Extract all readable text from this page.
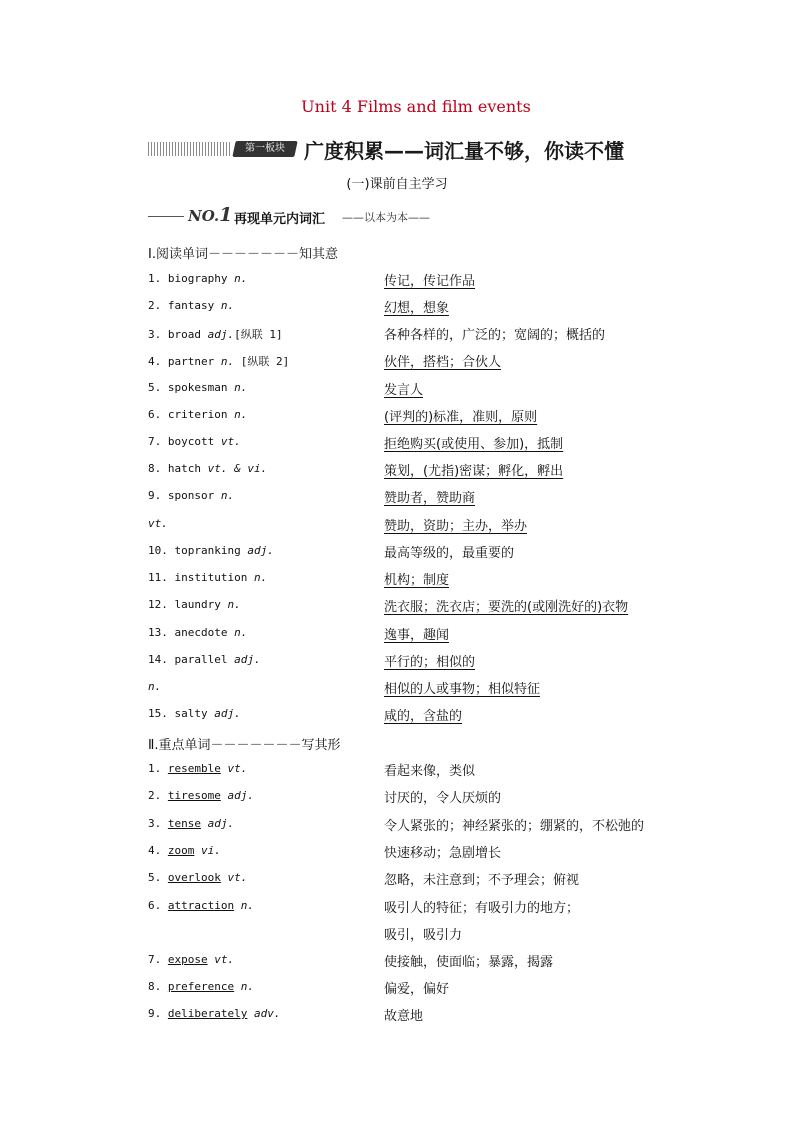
Unit 4 Films and film events
第一板块 广度积累——词汇量不够，你读不懂
(一)课前自主学习
NO.1 再现单元内词汇 ——以本为本——
Ⅰ.阅读单词－－－－－－－知其意
1. biography n.	传记，传记作品
2. fantasy n.	幻想，想象
3. broad adj.[纵联 1]	各种各样的，广泛的；宽阔的；概括的
4. partner n. [纵联 2]	伙伴，搭档；合伙人
5. spokesman n.	发言人
6. criterion n.	(评判的)标准，准则，原则
7. boycott vt.	拒绝购买(或使用、参加)，抵制
8. hatch vt. & vi.	策划，(尤指)密谋；孵化，孵出
9. sponsor n.	赞助者，赞助商
vt.	赞助，资助；主办，举办
10. topranking adj.	最高等级的，最重要的
11. institution n.	机构；制度
12. laundry n.	洗衣服；洗衣店；要洗的(或刚洗好的)衣物
13. anecdote n.	逸事，趣闻
14. parallel adj.	平行的；相似的
n.	相似的人或事物；相似特征
15. salty adj.	咸的，含盐的
Ⅱ.重点单词－－－－－－－写其形
1. resemble vt.	看起来像，类似
2. tiresome adj.	讨厌的，令人厌烦的
3. tense adj.	令人紧张的；神经紧张的；绷紧的，不松弛的
4. zoom vi.	快速移动；急剧增长
5. overlook vt.	忽略，未注意到；不予理会；俯视
6. attraction n.	吸引人的特征；有吸引力的地方；
吸引，吸引力
7. expose vt.	使接触，使面临；暴露，揭露
8. preference n.	偏爱，偏好
9. deliberately adv.	故意地
